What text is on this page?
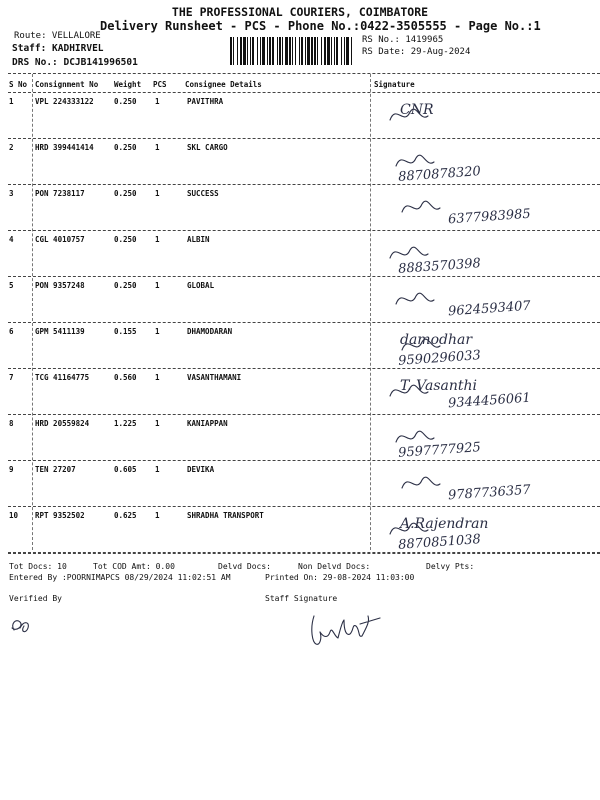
THE PROFESSIONAL COURIERS, COIMBATORE
Delivery Runsheet - PCS - Phone No.:0422-3505555 - Page No.:1
Route: VELLALORE
Staff: KADHIRVEL
DRS No.: DCJB141996501
RS No.: 1419965
RS Date: 29-Aug-2024
S No Consignment No Weight PCS Consignee Details	Signature
1	VPL 224333122	0.250 1	PAVITHRA
CNR
2	HRD 399441414	0.250 1	SKL CARGO
8870878320
3	PON 7238117	0.250 1	SUCCESS
6377983985
4	CGL 4010757	0.250 1	ALBIN
8883570398
5	PON 9357248	0.250 1	GLOBAL
9624593407
6	GPM 5411139	0.155 1	DHAMODARAN
damodhar
9590296033
7	TCG 41164775	0.560 1	VASANTHAMANI
T. Vasanthi
9344456061
8	HRD 20559824	1.225 1	KANIAPPAN
9597777925
9	TEN 27207	0.605 1	DEVIKA
9787736357
10 RPT 9352502	0.625 1	SHRADHA TRANSPORT
A.Rajendran
8870851038
Tot Docs: 10	Tot COD Amt: 0.00	Delvd Docs:	Non Delvd Docs:	Delvy Pts:
Entered By :POORNIMAPCS 08/29/2024 11:02:51 AM	Printed On: 29-08-2024 11:03:00
Verified By	Staff Signature
